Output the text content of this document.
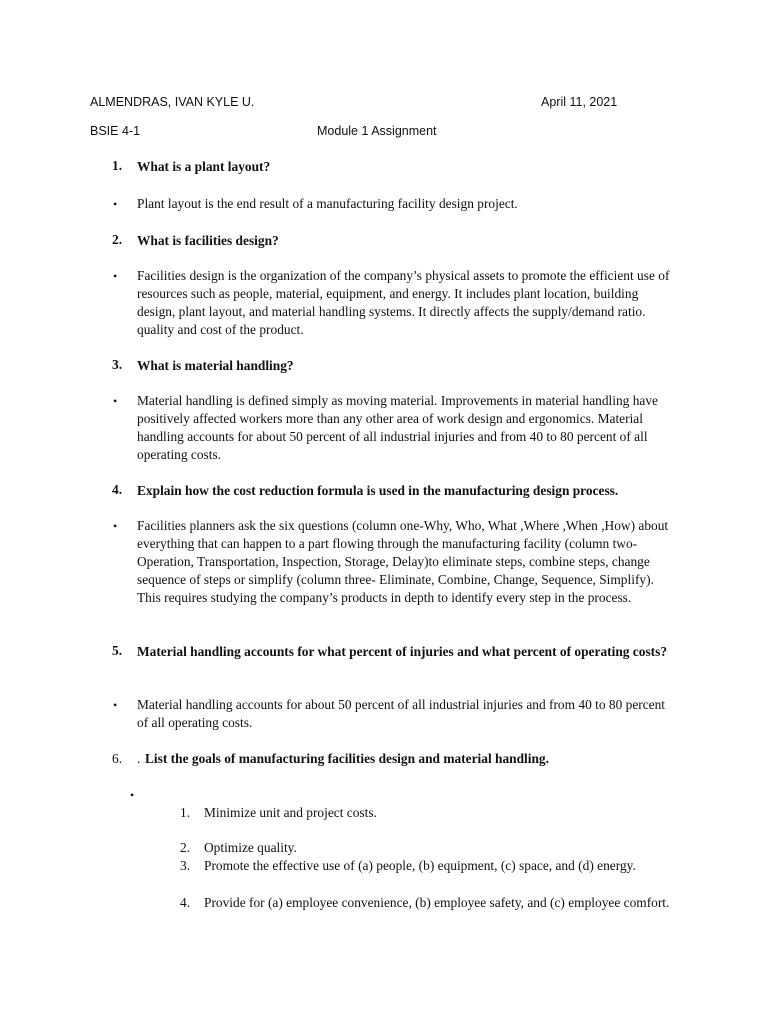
ALMENDRAS, IVAN KYLE U.	April 11, 2021
BSIE 4-1	Module 1 Assignment
1. What is a plant layout?
• Plant layout is the end result of a manufacturing facility design project.
2. What is facilities design?
• Facilities design is the organization of the company’s physical assets to promote the efficient use of resources such as people, material, equipment, and energy. It includes plant location, building design, plant layout, and material handling systems. It directly affects the supply/demand ratio. quality and cost of the product.
3. What is material handling?
• Material handling is defined simply as moving material. Improvements in material handling have positively affected workers more than any other area of work design and ergonomics. Material handling accounts for about 50 percent of all industrial injuries and from 40 to 80 percent of all operating costs.
4. Explain how the cost reduction formula is used in the manufacturing design process.
• Facilities planners ask the six questions (column one-Why, Who, What ,Where ,When ,How) about everything that can happen to a part flowing through the manufacturing facility (column two-Operation, Transportation, Inspection, Storage, Delay)to eliminate steps, combine steps, change sequence of steps or simplify (column three- Eliminate, Combine, Change, Sequence, Simplify). This requires studying the company’s products in depth to identify every step in the process.
5. Material handling accounts for what percent of injuries and what percent of operating costs?
• Material handling accounts for about 50 percent of all industrial injuries and from 40 to 80 percent of all operating costs.
6. . List the goals of manufacturing facilities design and material handling.
•
1. Minimize unit and project costs.
2. Optimize quality.
3. Promote the effective use of (a) people, (b) equipment, (c) space, and (d) energy.
4. Provide for (a) employee convenience, (b) employee safety, and (c) employee comfort.
